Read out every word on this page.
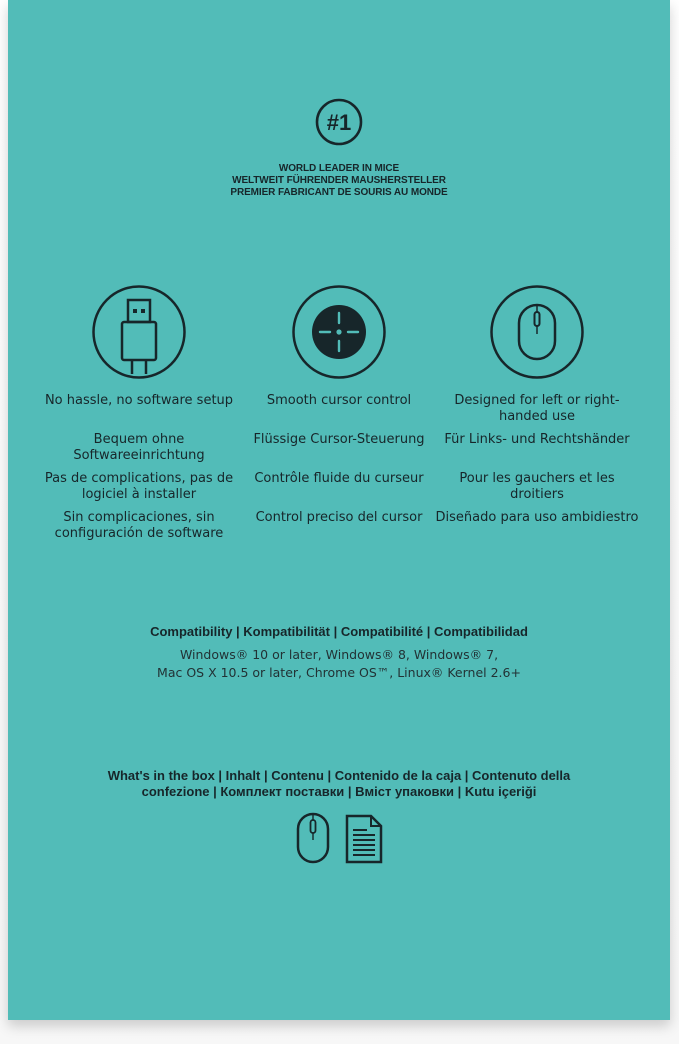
#1
WORLD LEADER IN MICE
WELTWEIT FÜHRENDER MAUSHERSTELLER
PREMIER FABRICANT DE SOURIS AU MONDE
No hassle, no software setup
Bequem ohne Softwareeinrichtung
Pas de complications, pas de logiciel à installer
Sin complicaciones, sin configuración de software
Smooth cursor control
Flüssige Cursor-Steuerung
Contrôle fluide du curseur
Control preciso del cursor
Designed for left or right-handed use
Für Links- und Rechtshänder
Pour les gauchers et les droitiers
Diseñado para uso ambidiestro
Compatibility | Kompatibilität | Compatibilité | Compatibilidad
Windows® 10 or later, Windows® 8, Windows® 7,
Mac OS X 10.5 or later, Chrome OS™, Linux® Kernel 2.6+
What's in the box | Inhalt | Contenu | Contenido de la caja | Contenuto della
confezione | Комплект поставки | Вміст упаковки | Kutu içeriği
